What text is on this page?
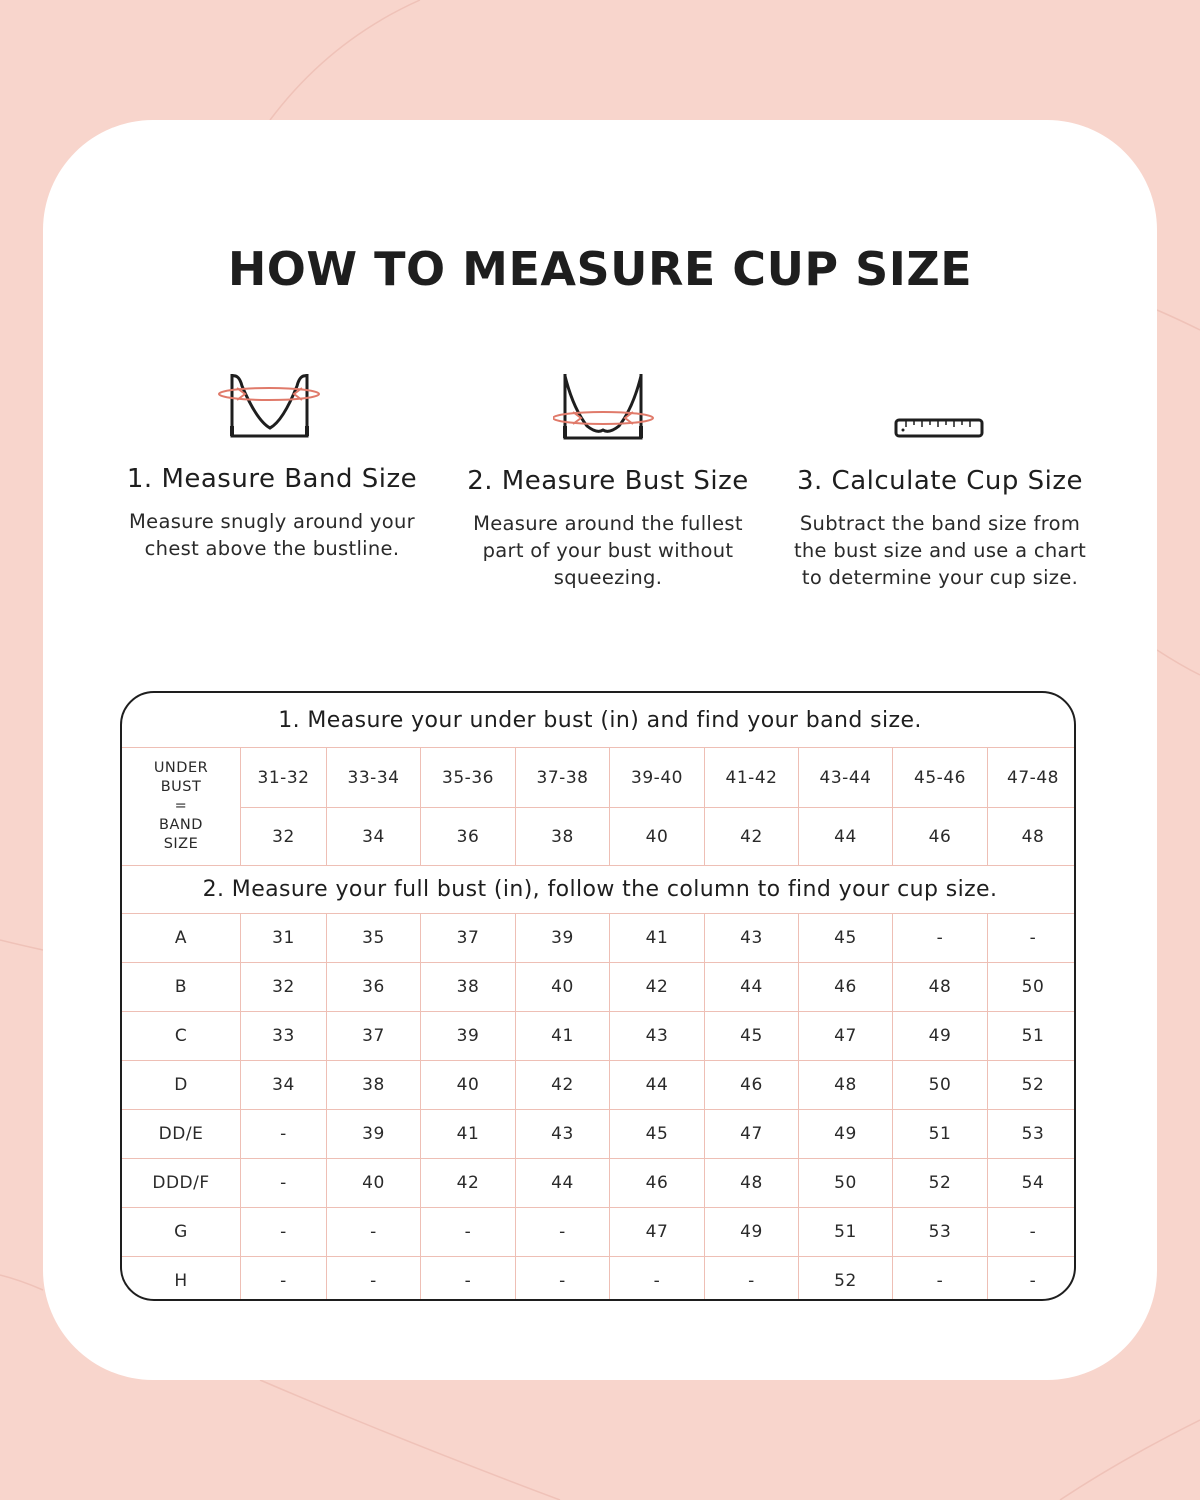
HOW TO MEASURE CUP SIZE
1. Measure Band Size

Measure snugly around your
chest above the bustline.

2. Measure Bust Size

Measure around the fullest
part of your bust without
squeezing.

3. Calculate Cup Size

Subtract the band size from
the bust size and use a chart
to determine your cup size.

1. Measure your under bust (in) and find your band size.
UNDER
BUST
=
BAND
SIZE
31-32	33-34	35-36	37-38	39-40	41-42	43-44	45-46	47-48
32	34	36	38	40	42	44	46	48
2. Measure your full bust (in), follow the column to find your cup size.
A	31	35	37	39	41	43	45	-	-
B	32	36	38	40	42	44	46	48	50
C	33	37	39	41	43	45	47	49	51
D	34	38	40	42	44	46	48	50	52
DD/E	-	39	41	43	45	47	49	51	53
DDD/F	-	40	42	44	46	48	50	52	54
G	-	-	-	-	47	49	51	53	-
H	-	-	-	-	-	-	52	-	-
